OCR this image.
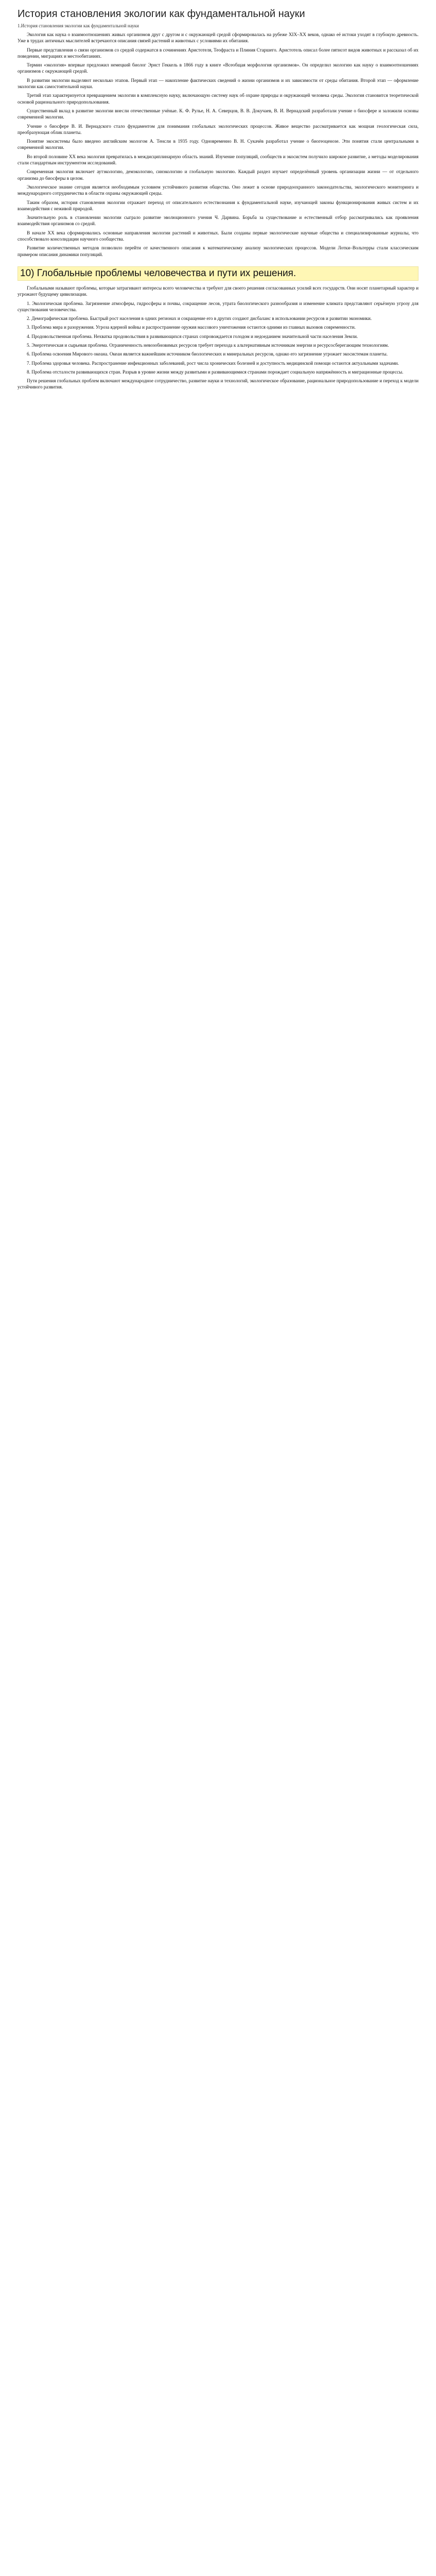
История становления экологии как фундаментальной науки
1.История становления экологии как фундаментальной науки

Экология как наука о взаимоотношениях живых организмов друг с другом и с окружающей средой сформировалась на рубеже XIX–XX веков, однако её истоки уходят в глубокую древность. Уже в трудах античных мыслителей встречаются описания связей растений и животных с условиями их обитания.

Первые представления о связи организмов со средой содержатся в сочинениях Аристотеля, Теофраста и Плиния Старшего. Аристотель описал более пятисот видов животных и рассказал об их поведении, миграциях и местообитаниях.

Термин «экология» впервые предложил немецкий биолог Эрнст Геккель в 1866 году в книге «Всеобщая морфология организмов». Он определил экологию как науку о взаимоотношениях организмов с окружающей средой.

В развитии экологии выделяют несколько этапов. Первый этап — накопление фактических сведений о жизни организмов и их зависимости от среды обитания. Второй этап — оформление экологии как самостоятельной науки.

Третий этап характеризуется превращением экологии в комплексную науку, включающую систему наук об охране природы и окружающей человека среды. Экология становится теоретической основой рационального природопользования.

Существенный вклад в развитие экологии внесли отечественные учёные. К. Ф. Рулье, Н. А. Северцов, В. В. Докучаев, В. И. Вернадский разработали учение о биосфере и заложили основы современной экологии.

Учение о биосфере В. И. Вернадского стало фундаментом для понимания глобальных экологических процессов. Живое вещество рассматривается как мощная геологическая сила, преобразующая облик планеты.

Понятие экосистемы было введено английским экологом А. Тенсли в 1935 году. Одновременно В. Н. Сукачёв разработал учение о биогеоценозе. Эти понятия стали центральными в современной экологии.

Во второй половине XX века экология превратилась в междисциплинарную область знаний. Изучение популяций, сообществ и экосистем получило широкое развитие, а методы моделирования стали стандартным инструментом исследований.

Современная экология включает аутэкологию, демэкологию, синэкологию и глобальную экологию. Каждый раздел изучает определённый уровень организации жизни — от отдельного организма до биосферы в целом.

Экологическое знание сегодня является необходимым условием устойчивого развития общества. Оно лежит в основе природоохранного законодательства, экологического мониторинга и международного сотрудничества в области охраны окружающей среды.

Таким образом, история становления экологии отражает переход от описательного естествознания к фундаментальной науке, изучающей законы функционирования живых систем и их взаимодействия с неживой природой.

Значительную роль в становлении экологии сыграло развитие эволюционного учения Ч. Дарвина. Борьба за существование и естественный отбор рассматривались как проявления взаимодействия организмов со средой.

В начале XX века сформировались основные направления экологии растений и животных. Были созданы первые экологические научные общества и специализированные журналы, что способствовало консолидации научного сообщества.

Развитие количественных методов позволило перейти от качественного описания к математическому анализу экологических процессов. Модели Лотки–Вольтерры стали классическим примером описания динамики популяций.

10) Глобальные проблемы человечества и пути их решения.

Глобальными называют проблемы, которые затрагивают интересы всего человечества и требуют для своего решения согласованных усилий всех государств. Они носят планетарный характер и угрожают будущему цивилизации.

1. Экологическая проблема. Загрязнение атмосферы, гидросферы и почвы, сокращение лесов, утрата биологического разнообразия и изменение климата представляют серьёзную угрозу для существования человечества.

2. Демографическая проблема. Быстрый рост населения в одних регионах и сокращение его в других создают дисбаланс в использовании ресурсов и развитии экономики.

3. Проблема мира и разоружения. Угроза ядерной войны и распространение оружия массового уничтожения остаются одними из главных вызовов современности.

4. Продовольственная проблема. Нехватка продовольствия в развивающихся странах сопровождается голодом и недоеданием значительной части населения Земли.

5. Энергетическая и сырьевая проблема. Ограниченность невозобновимых ресурсов требует перехода к альтернативным источникам энергии и ресурсосберегающим технологиям.

6. Проблема освоения Мирового океана. Океан является важнейшим источником биологических и минеральных ресурсов, однако его загрязнение угрожает экосистемам планеты.

7. Проблема здоровья человека. Распространение инфекционных заболеваний, рост числа хронических болезней и доступность медицинской помощи остаются актуальными задачами.

8. Проблема отсталости развивающихся стран. Разрыв в уровне жизни между развитыми и развивающимися странами порождает социальную напряжённость и миграционные процессы.

Пути решения глобальных проблем включают международное сотрудничество, развитие науки и технологий, экологическое образование, рациональное природопользование и переход к модели устойчивого развития.
